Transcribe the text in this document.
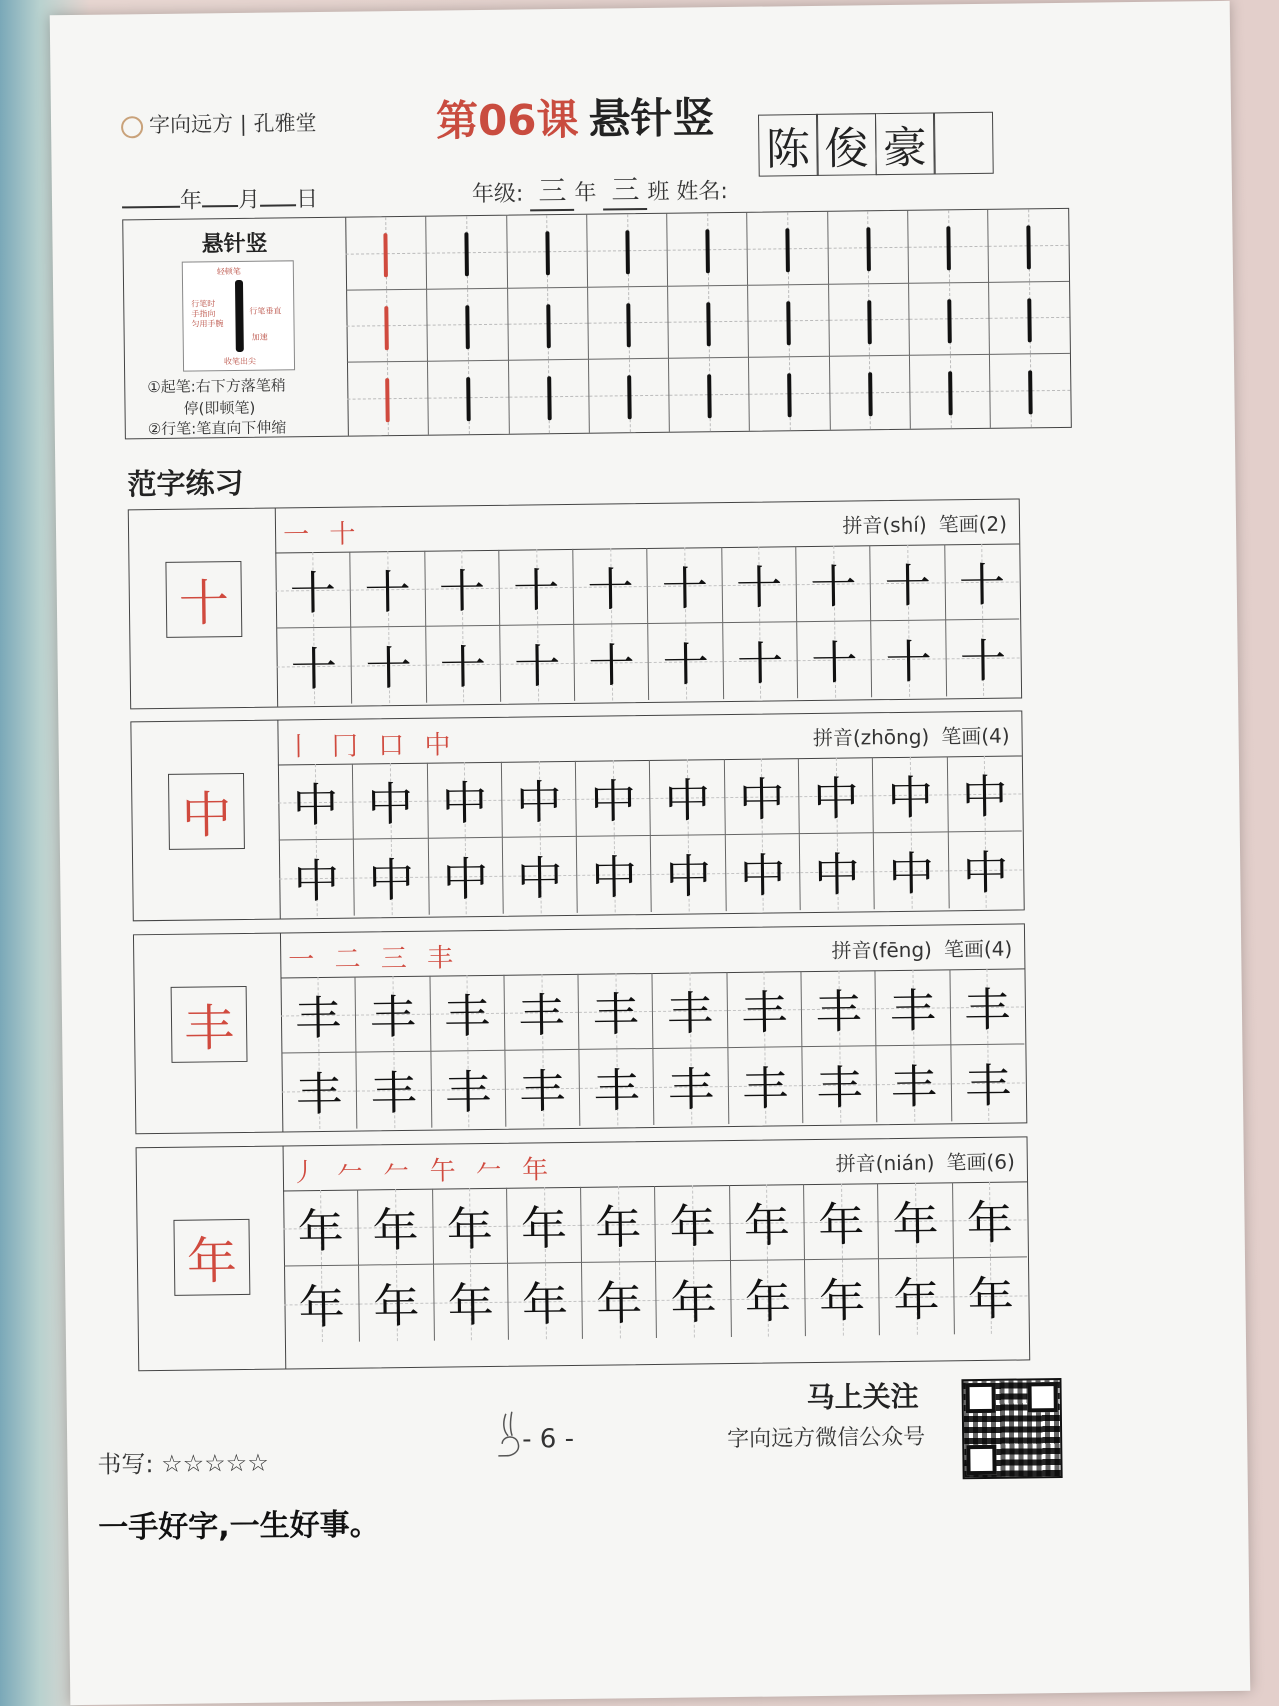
字向远方 | 孔雅堂	第06课 悬针竖
年 月 日	年级: 三 年 三 班 姓名:
陈 俊 豪
悬针竖
轻顿笔
行笔时
手指向
匀用手腕
行笔垂直
加速
收笔出尖
①起笔:右下方落笔稍
停(即顿笔)
②行笔:笔直向下伸缩
范字练习
十
一 十	拼音(shí) 笔画(2)
十 十 十 十 十 十 十 十 十 十
十 十 十 十 十 十 十 十 十 十
中
丨 冂 口 中	拼音(zhōng) 笔画(4)
中 中 中 中 中 中 中 中 中 中
中 中 中 中 中 中 中 中 中 中
丰
一 二 三 丰	拼音(fēng) 笔画(4)
丰 丰 丰 丰 丰 丰 丰 丰 丰 丰
丰 丰 丰 丰 丰 丰 丰 丰 丰 丰
年
丿 𠂉 𠂉 午 𠂉 年	拼音(nián) 笔画(6)
年 年 年 年 年 年 年 年 年 年
年 年 年 年 年 年 年 年 年 年
马上关注
字向远方微信公众号
- 6 -
书写: ☆☆☆☆☆
一手好字,一生好事。
